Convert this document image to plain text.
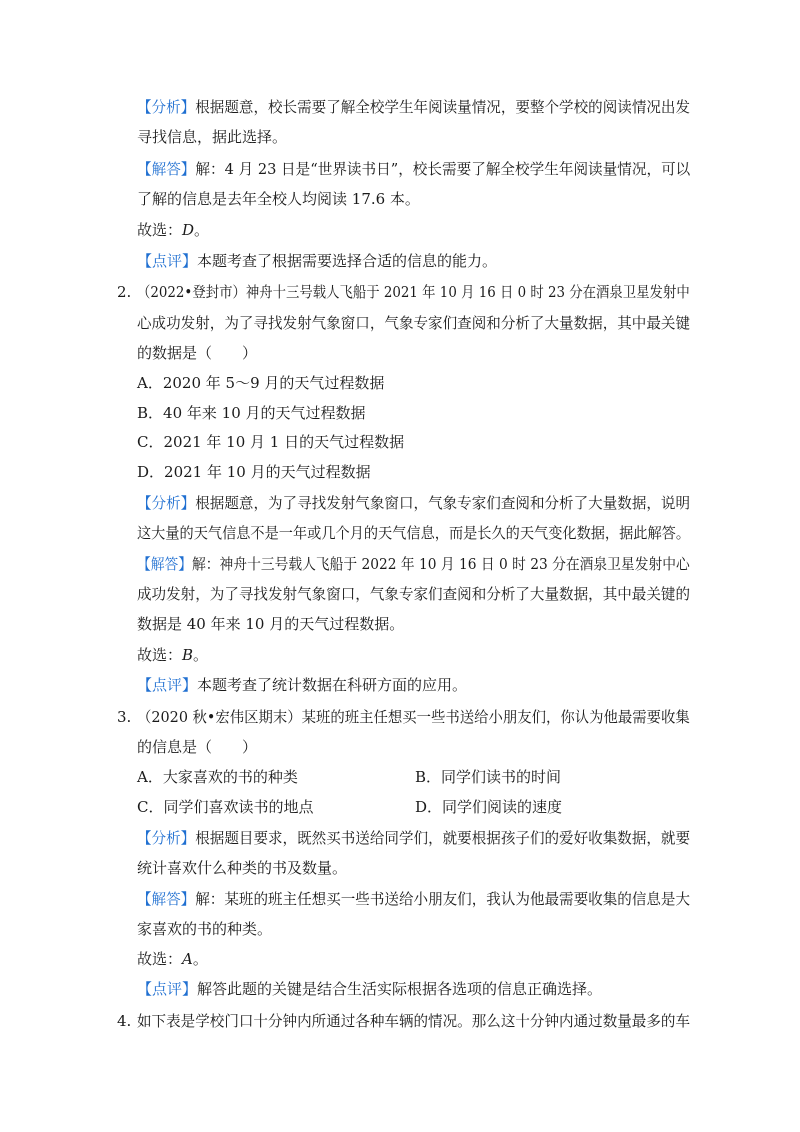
【分析】根据题意，校长需要了解全校学生年阅读量情况，要整个学校的阅读情况出发
寻找信息，据此选择。
【解答】解：4 月 23 日是“世界读书日”，校长需要了解全校学生年阅读量情况，可以
了解的信息是去年全校人均阅读 17.6 本。
故选：D。
【点评】本题考查了根据需要选择合适的信息的能力。
2. （2022•登封市）神舟十三号载人飞船于 2021 年 10 月 16 日 0 时 23 分在酒泉卫星发射中
心成功发射，为了寻找发射气象窗口，气象专家们查阅和分析了大量数据，其中最关键
的数据是（　　）
A．2020 年 5～9 月的天气过程数据
B．40 年来 10 月的天气过程数据
C．2021 年 10 月 1 日的天气过程数据
D．2021 年 10 月的天气过程数据
【分析】根据题意，为了寻找发射气象窗口，气象专家们查阅和分析了大量数据，说明
这大量的天气信息不是一年或几个月的天气信息，而是长久的天气变化数据，据此解答。
【解答】解：神舟十三号载人飞船于 2022 年 10 月 16 日 0 时 23 分在酒泉卫星发射中心
成功发射，为了寻找发射气象窗口，气象专家们查阅和分析了大量数据，其中最关键的
数据是 40 年来 10 月的天气过程数据。
故选：B。
【点评】本题考查了统计数据在科研方面的应用。
3. （2020 秋•宏伟区期末）某班的班主任想买一些书送给小朋友们，你认为他最需要收集
的信息是（　　）
A．大家喜欢的书的种类	B．同学们读书的时间
C．同学们喜欢读书的地点	D．同学们阅读的速度
【分析】根据题目要求，既然买书送给同学们，就要根据孩子们的爱好收集数据，就要
统计喜欢什么种类的书及数量。
【解答】解：某班的班主任想买一些书送给小朋友们，我认为他最需要收集的信息是大
家喜欢的书的种类。
故选：A。
【点评】解答此题的关键是结合生活实际根据各选项的信息正确选择。
4. 如下表是学校门口十分钟内所通过各种车辆的情况。那么这十分钟内通过数量最多的车
